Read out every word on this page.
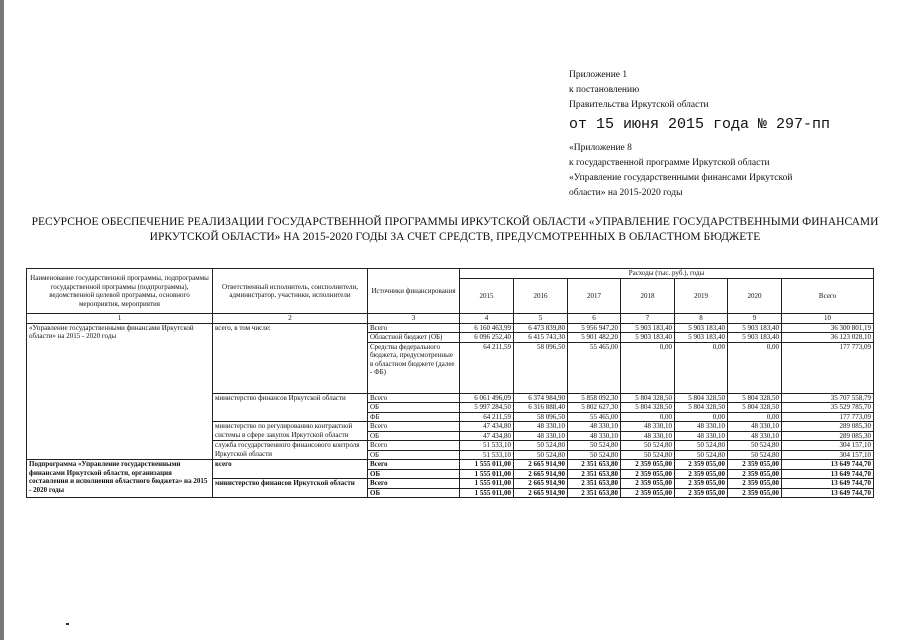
Приложение 1
к постановлению
Правительства Иркутской области
от 15 июня 2015 года № 297-пп
«Приложение 8
к государственной программе Иркутской области
«Управление государственными финансами Иркутской
области» на 2015-2020 годы
РЕСУРСНОЕ ОБЕСПЕЧЕНИЕ РЕАЛИЗАЦИИ ГОСУДАРСТВЕННОЙ ПРОГРАММЫ ИРКУТСКОЙ ОБЛАСТИ «УПРАВЛЕНИЕ ГОСУДАРСТВЕННЫМИ ФИНАНСАМИ
ИРКУТСКОЙ ОБЛАСТИ» НА 2015-2020 ГОДЫ ЗА СЧЕТ СРЕДСТВ, ПРЕДУСМОТРЕННЫХ В ОБЛАСТНОМ БЮДЖЕТЕ
Наименование государственной программы, подпрограммы государственной программы (подпрограммы), ведомственной целевой программы, основного мероприятия, мероприятия	Ответственный исполнитель, соисполнители, администратор, участники, исполнители	Источники финансирования	Расходы (тыс. руб.), годы						
			2015	2016	2017	2018	2019	2020	Всего
1	2	3	4	5	6	7	8	9	10
«Управление государственными финансами Иркутской области» на 2015 - 2020 годы	всего, в том числе:	Всего	6 160 463,99	6 473 839,80	5 956 947,20	5 903 183,40	5 903 183,40	5 903 183,40	36 300 801,19
		Областной бюджет (ОБ)	6 096 252,40	6 415 743,30	5 901 482,20	5 903 183,40	5 903 183,40	5 903 183,40	36 123 028,10
		Средства федерального бюджета, предусмотренные в областном бюджете (далее - ФБ)	64 211,59	58 096,50	55 465,00	0,00	0,00	0,00	177 773,09
	министерство финансов Иркутской области	Всего	6 061 496,09	6 374 984,90	5 858 092,30	5 804 328,50	5 804 328,50	5 804 328,50	35 707 558,79
		ОБ	5 997 284,50	6 316 888,40	5 802 627,30	5 804 328,50	5 804 328,50	5 804 328,50	35 529 785,70
		ФБ	64 211,59	58 096,50	55 465,00	0,00	0,00	0,00	177 773,09
	министерство по регулированию контрактной системы в сфере закупок Иркутской области	Всего	47 434,80	48 330,10	48 330,10	48 330,10	48 330,10	48 330,10	289 085,30
		ОБ	47 434,80	48 330,10	48 330,10	48 330,10	48 330,10	48 330,10	289 085,30
	служба государственного финансового контроля Иркутской области	Всего	51 533,10	50 524,80	50 524,80	50 524,80	50 524,80	50 524,80	304 157,10
		ОБ	51 533,10	50 524,80	50 524,80	50 524,80	50 524,80	50 524,80	304 157,10
Подпрограмма «Управление государственными финансами Иркутской области, организация составления и исполнения областного бюджета» на 2015 - 2020 годы	всего	Всего	1 555 011,00	2 665 914,90	2 351 653,80	2 359 055,00	2 359 055,00	2 359 055,00	13 649 744,70
		ОБ	1 555 011,00	2 665 914,90	2 351 653,80	2 359 055,00	2 359 055,00	2 359 055,00	13 649 744,70
	министерство финансов Иркутской области	Всего	1 555 011,00	2 665 914,90	2 351 653,80	2 359 055,00	2 359 055,00	2 359 055,00	13 649 744,70
		ОБ	1 555 011,00	2 665 914,90	2 351 653,80	2 359 055,00	2 359 055,00	2 359 055,00	13 649 744,70
